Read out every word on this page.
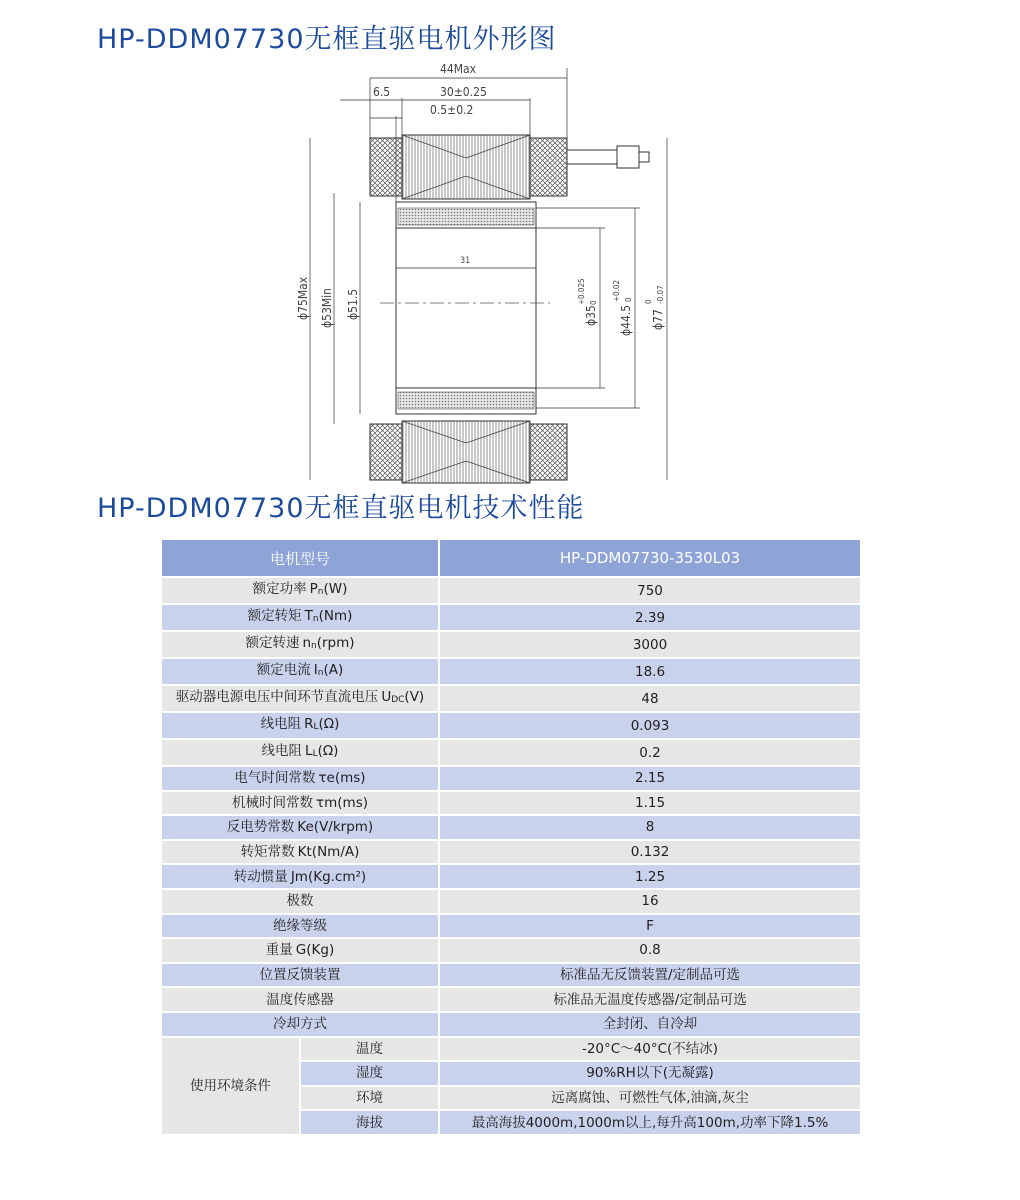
HP-DDM07730无框直驱电机外形图
44Max
6.5	30±0.25
0.5±0.2
31
ϕ75Max ϕ53Min ϕ51.5	ϕ35
+0.025 0
ϕ44.5
+0.02 0
ϕ77
0 -0.07
HP-DDM07730无框直驱电机技术性能
电机型号		HP-DDM07730-3530L03
额定功率 $P_n(W)$		750
额定转矩 $T_n(Nm)$		2.39
额定转速 $n_n(rpm)$		3000
额定电流 $I_n(A)$		18.6
驱动器电源电压中间环节直流电压 $U_{DC}(V)$		48
线电阻 $R_L(\Omega)$		0.093
线电阻 $L_L(\Omega)$		0.2
电气时间常数 τe(ms)		2.15
机械时间常数 τm(ms)		1.15
反电势常数 Ke(V/krpm)		8
转矩常数 Kt(Nm/A)		0.132
转动惯量 Jm(Kg.cm²)		1.25
极数		16
绝缘等级		F
重量 G(Kg)		0.8
位置反馈装置		标准品无反馈装置/定制品可选
温度传感器		标准品无温度传感器/定制品可选
冷却方式		全封闭、自冷却
使用环境条件	温度	-20°C～40°C(不结冰)
	湿度	90%RH以下(无凝露)
	环境	远离腐蚀、可燃性气体,油滴,灰尘
	海拔	最高海拔4000m,1000m以上,每升高100m,功率下降1.5%
